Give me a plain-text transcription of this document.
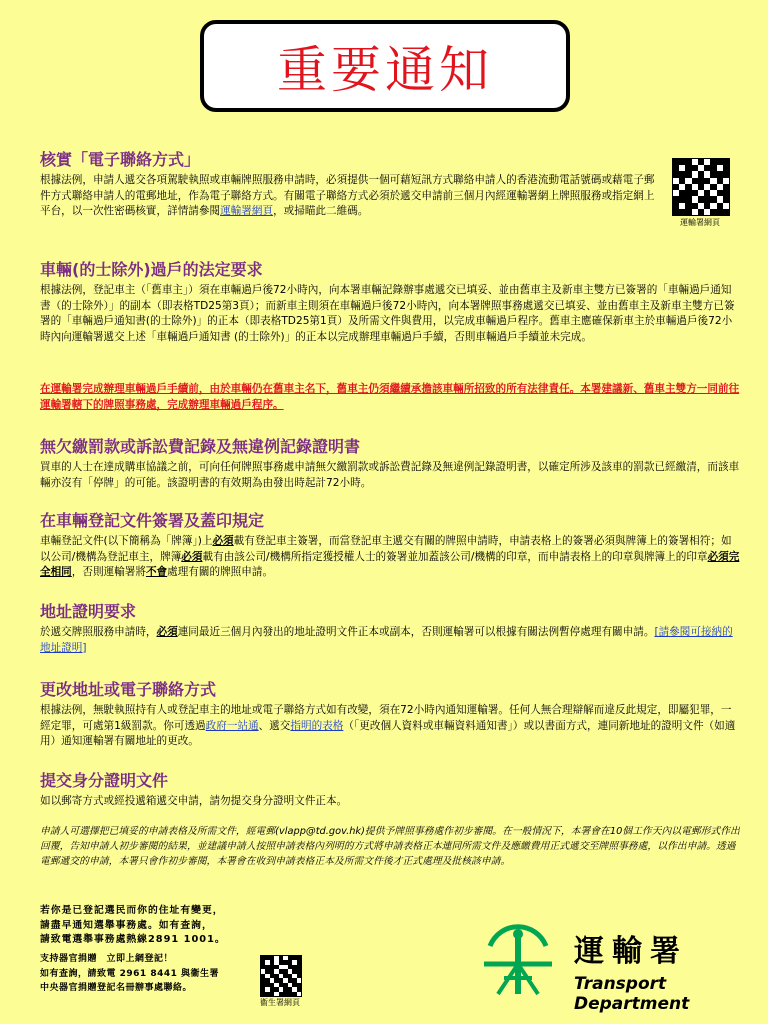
重要通知

核實「電子聯絡方式」

根據法例，申請人遞交各項駕駛執照或車輛牌照服務申請時，必須提供一個可藉短訊方式聯絡申請人的香港流動電話號碼或藉電子郵件方式聯絡申請人的電郵地址，作為電子聯絡方式。有關電子聯絡方式必須於遞交申請前三個月內經運輸署網上牌照服務或指定網上平台，以一次性密碼核實，詳情請參閱運輸署網頁，或掃瞄此二維碼。

運輸署網頁

車輛(的士除外)過戶的法定要求

根據法例，登記車主（「舊車主」）須在車輛過戶後72小時內，向本署車輛記錄辦事處遞交已填妥、並由舊車主及新車主雙方已簽署的「車輛過戶通知書（的士除外）」的副本（即表格TD25第3頁）；而新車主則須在車輛過戶後72小時內，向本署牌照事務處遞交已填妥、並由舊車主及新車主雙方已簽署的「車輛過戶通知書(的士除外)」的正本（即表格TD25第1頁）及所需文件與費用，以完成車輛過戶程序。舊車主應確保新車主於車輛過戶後72小時內向運輸署遞交上述「車輛過戶通知書 (的士除外)」的正本以完成辦理車輛過戶手續，否則車輛過戶手續並未完成。

在運輸署完成辦理車輛過戶手續前，由於車輛仍在舊車主名下，舊車主仍須繼續承擔該車輛所招致的所有法律責任。本署建議新、舊車主雙方一同前往運輸署轄下的牌照事務處，完成辦理車輛過戶程序。

無欠繳罰款或訴訟費記錄及無違例記錄證明書

買車的人士在達成購車協議之前，可向任何牌照事務處申請無欠繳罰款或訴訟費記錄及無違例記錄證明書，以確定所涉及該車的罰款已經繳清，而該車輛亦沒有「停牌」的可能。該證明書的有效期為由發出時起計72小時。

在車輛登記文件簽署及蓋印規定

車輛登記文件(以下簡稱為「牌簿」)上必須載有登記車主簽署，而當登記車主遞交有關的牌照申請時，申請表格上的簽署必須與牌簿上的簽署相符；如以公司/機構為登記車主，牌簿必須載有由該公司/機構所指定獲授權人士的簽署並加蓋該公司/機構的印章，而申請表格上的印章與牌簿上的印章必須完全相同，否則運輸署將不會處理有關的牌照申請。

地址證明要求

於遞交牌照服務申請時，必須連同最近三個月內發出的地址證明文件正本或副本，否則運輸署可以根據有關法例暫停處理有關申請。[請參閱可接納的地址證明]

更改地址或電子聯絡方式

根據法例，無駛執照持有人或登記車主的地址或電子聯絡方式如有改變，須在72小時內通知運輸署。任何人無合理辯解而違反此規定，即屬犯罪，一經定罪，可處第1級罰款。你可透過政府一站通、遞交指明的表格（「更改個人資料或車輛資料通知書」）或以書面方式，連同新地址的證明文件（如適用）通知運輸署有關地址的更改。

提交身分證明文件

如以郵寄方式或經投遞箱遞交申請，請勿提交身分證明文件正本。

申請人可選擇把已填妥的申請表格及所需文件，經電郵(vlapp@td.gov.hk)提供予牌照事務處作初步審閱。在一般情況下，本署會在10個工作天內以電郵形式作出回覆，告知申請人初步審閱的結果，並建議申請人按照申請表格內列明的方式將申請表格正本連同所需文件及應繳費用正式遞交至牌照事務處，以作出申請。透過電郵遞交的申請，本署只會作初步審閱，本署會在收到申請表格正本及所需文件後才正式處理及批核該申請。

若你是已登記選民而你的住址有變更，
請盡早通知選舉事務處。如有查詢，
請致電選舉事務處熱線2891 1001。
支持器官捐贈　立即上網登記！
如有查詢，請致電 2961 8441 與衞生署
中央器官捐贈登記名冊辦事處聯絡。
衞生署網頁
運輸署
Transport Department
